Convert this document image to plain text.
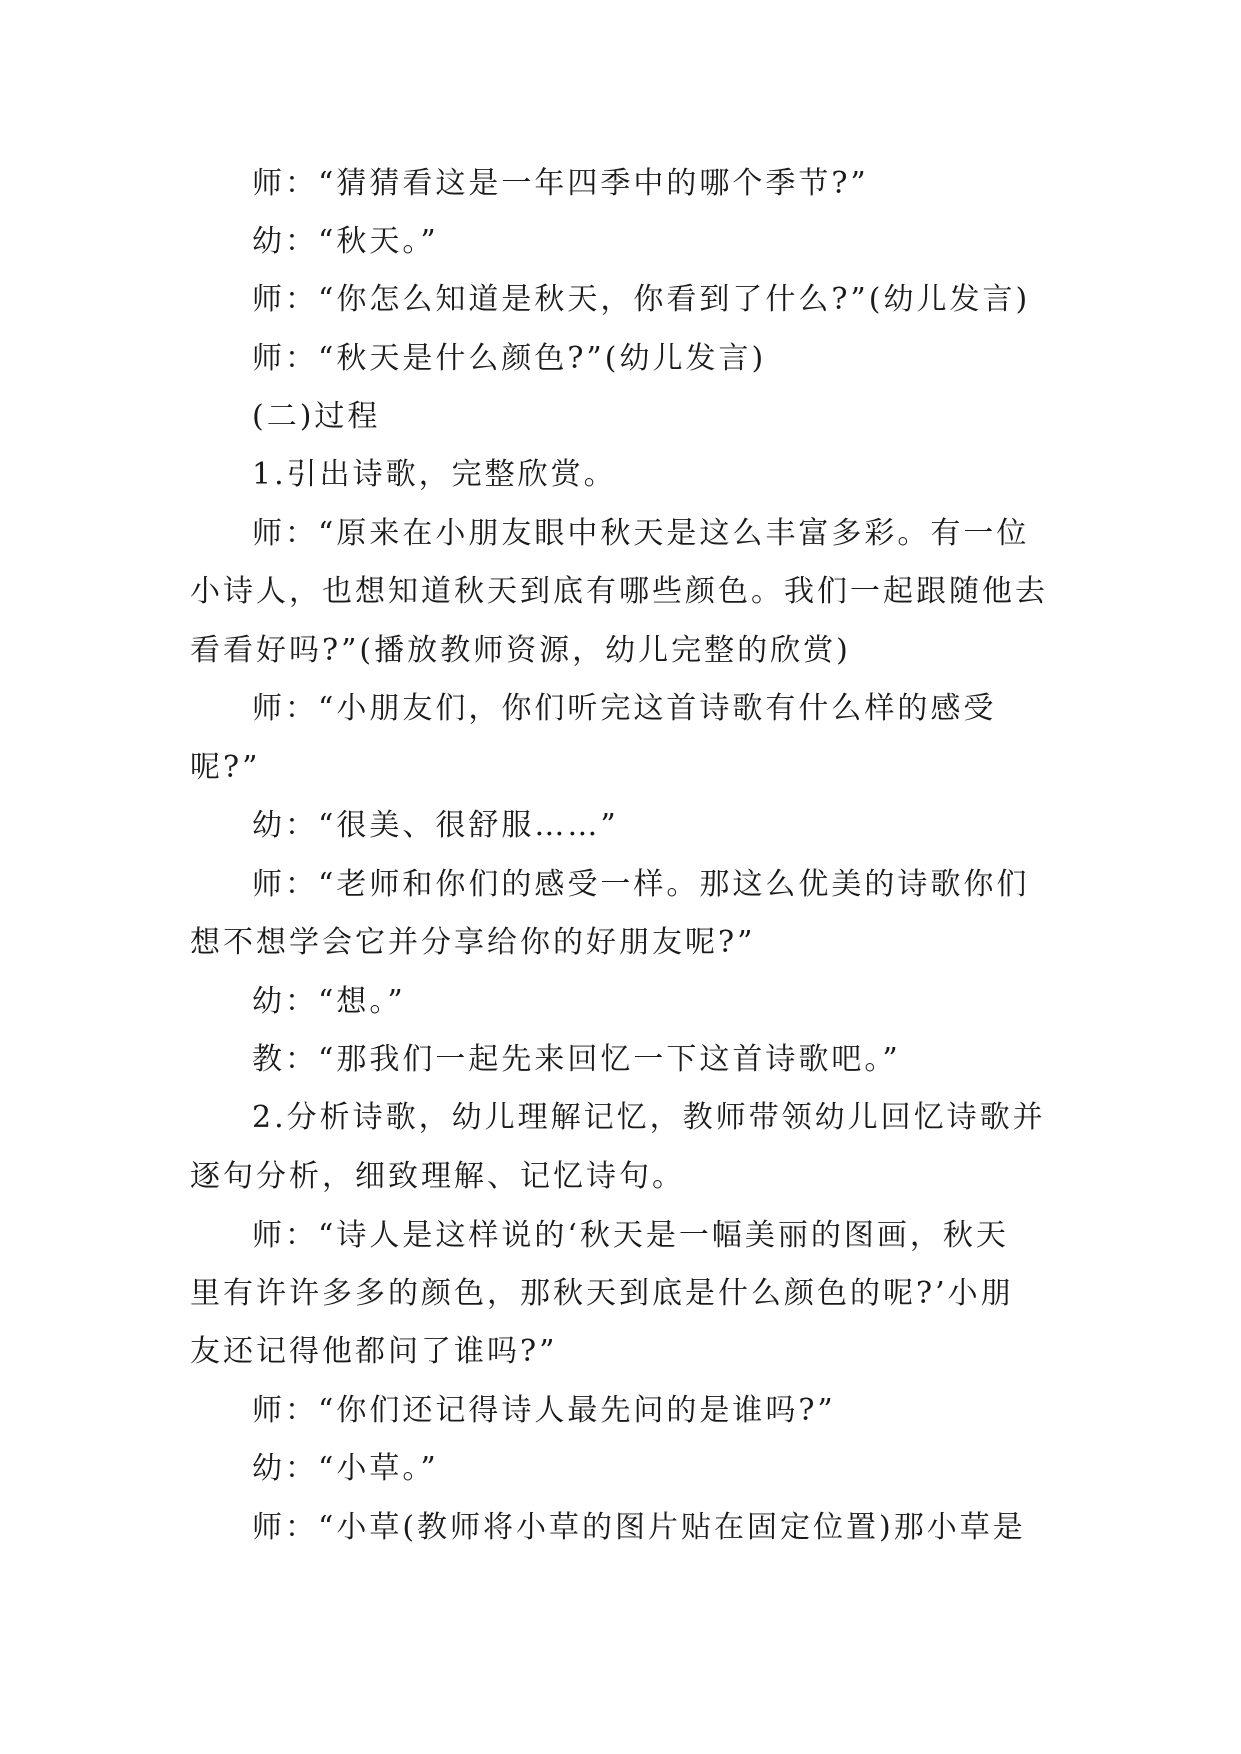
师：“猜猜看这是一年四季中的哪个季节?”

幼：“秋天。”

师：“你怎么知道是秋天，你看到了什么?”(幼儿发言)

师：“秋天是什么颜色?”(幼儿发言)

(二)过程

1.引出诗歌，完整欣赏。

师：“原来在小朋友眼中秋天是这么丰富多彩。有一位

小诗人，也想知道秋天到底有哪些颜色。我们一起跟随他去

看看好吗?”(播放教师资源，幼儿完整的欣赏)

师：“小朋友们，你们听完这首诗歌有什么样的感受

呢?”

幼：“很美、很舒服……”

师：“老师和你们的感受一样。那这么优美的诗歌你们

想不想学会它并分享给你的好朋友呢?”

幼：“想。”

教：“那我们一起先来回忆一下这首诗歌吧。”

2.分析诗歌，幼儿理解记忆，教师带领幼儿回忆诗歌并

逐句分析，细致理解、记忆诗句。

师：“诗人是这样说的‘秋天是一幅美丽的图画，秋天

里有许许多多的颜色，那秋天到底是什么颜色的呢?’小朋

友还记得他都问了谁吗?”

师：“你们还记得诗人最先问的是谁吗?”

幼：“小草。”

师：“小草(教师将小草的图片贴在固定位置)那小草是
